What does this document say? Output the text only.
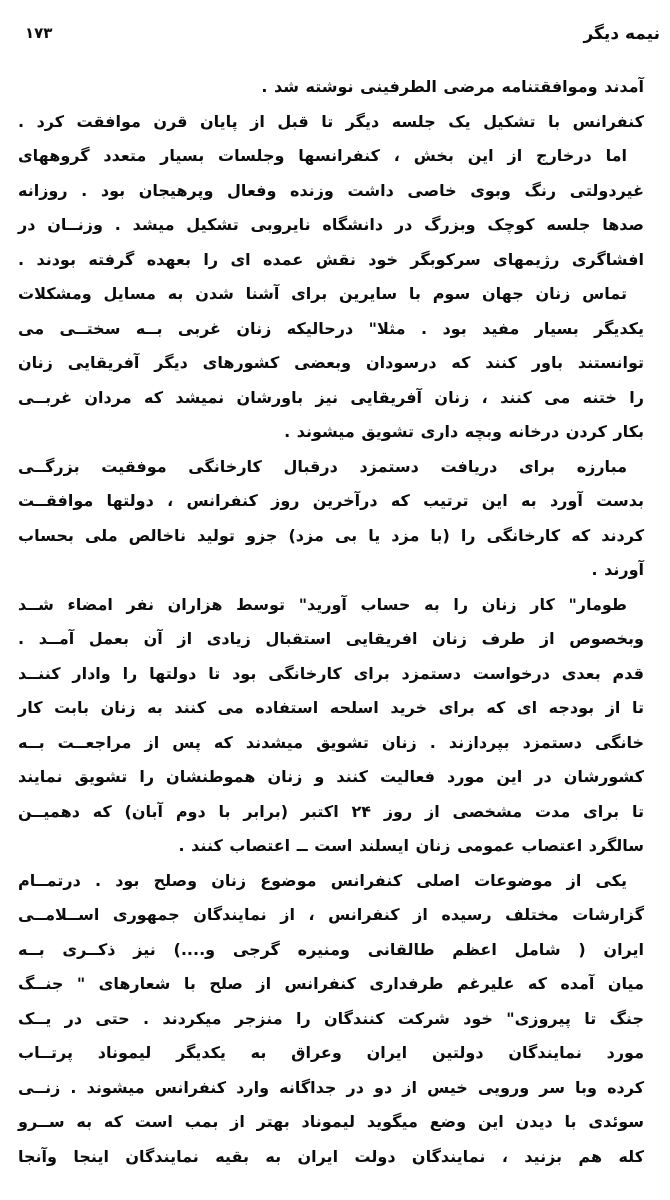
۱۷۳	نیمه دیگر
آمدند وموافقتنامه مرضی الطرفینی نوشته شد .
کنفرانس با تشکیل یک جلسه دیگر تا قبل از پایان قرن موافقت کرد .
اما درخارج از این بخش ، کنفرانسها وجلسات بسیار متعدد گروههای
غیردولتی رنگ وبوی خاصی داشت وزنده وفعال وپرهیجان بود . روزانه
صدها جلسه کوچک وبزرگ در دانشگاه نایروبی تشکیل میشد . وزنــان در
افشاگری رژیمهای سرکوبگر خود نقش عمده ای را بعهده گرفته بودند .
تماس زنان جهان سوم با سایرین برای آشنا شدن به مسایل ومشکلات
یکدیگر بسیار مفید بود . مثلا" درحالیکه زنان غربی بــه سختــی می
توانستند باور کنند که درسودان وبعضی کشورهای دیگر آفریقایی زنان
را ختنه می کنند ، زنان آفریقایی نیز باورشان نمیشد که مردان غربــی
بکار کردن درخانه وبچه داری تشویق میشوند .
مبارزه برای دریافت دستمزد درقبال کارخانگی موفقیت بزرگــی
بدست آورد به این ترتیب که درآخرین روز کنفرانس ، دولتها موافقــت
کردند که کارخانگی را (با مزد یا بی مزد) جزو تولید ناخالص ملی بحساب
آورند .
طومار" کار زنان را به حساب آورید" توسط هزاران نفر امضاء شــد
وبخصوص از طرف زنان افریقایی استقبال زیادی از آن بعمل آمــد .
قدم بعدی درخواست دستمزد برای کارخانگی بود تا دولتها را وادار کننــد
تا از بودجه ای که برای خرید اسلحه استفاده می کنند به زنان بابت کار
خانگی دستمزد بپردازند . زنان تشویق میشدند که پس از مراجعــت بــه
کشورشان در این مورد فعالیت کنند و زنان هموطنشان را تشویق نمایند
تا برای مدت مشخصی از روز ۲۴ اکتبر (برابر با دوم آبان) که دهمیــن
سالگرد اعتصاب عمومی زنان ایسلند است ــ اعتصاب کنند .
یکی از موضوعات اصلی کنفرانس موضوع زنان وصلح بود . درتمــام
گزارشات مختلف رسیده از کنفرانس ، از نمایندگان جمهوری اســلامــی
ایران ( شامل اعظم طالقانی ومنیره گرجی و....) نیز ذکــری بــه
میان آمده که علیرغم طرفداری کنفرانس از صلح با شعارهای " جنــگ
جنگ تا پیروزی" خود شرکت کنندگان را منزجر میکردند . حتی در یــک
مورد نمایندگان دولتین ایران وعراق به یکدیگر لیموناد پرتــاب
کرده وبا سر ورویی خیس از دو در جداگانه وارد کنفرانس میشوند . زنــی
سوئدی با دیدن این وضع میگوید لیموناد بهتر از بمب است که به ســرو
کله هم بزنید ، نمایندگان دولت ایران به بقیه نمایندگان اینجا وآنجا
